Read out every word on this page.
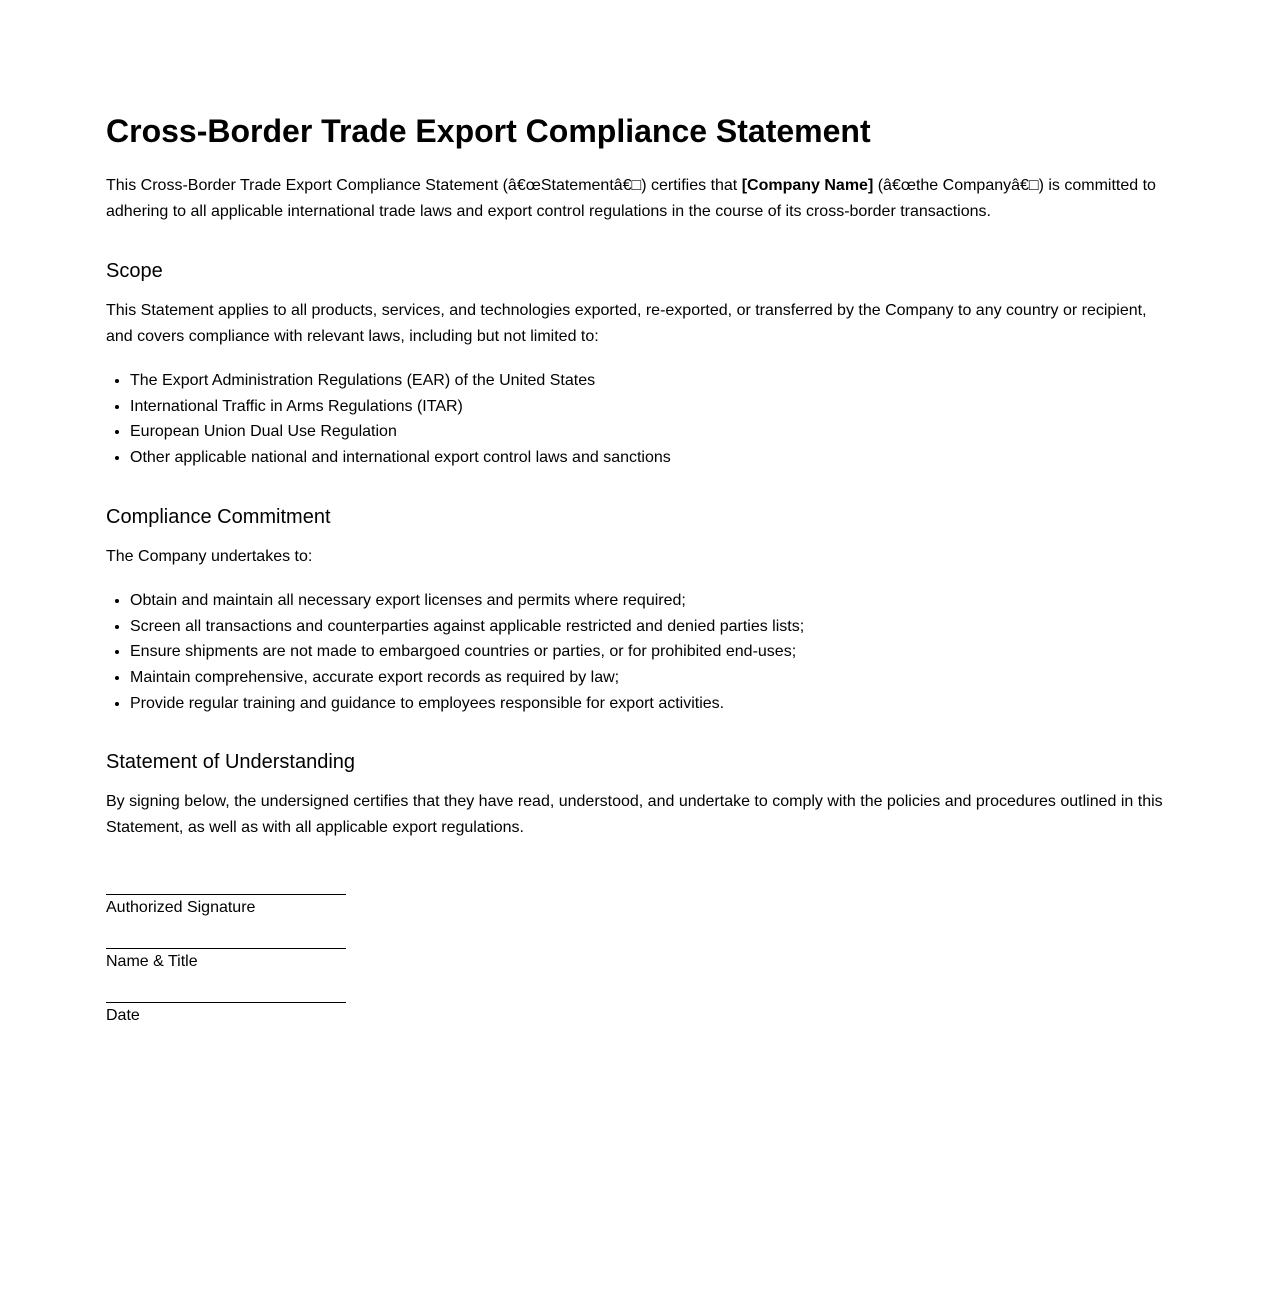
Cross-Border Trade Export Compliance Statement

This Cross-Border Trade Export Compliance Statement (â€œStatementâ€□) certifies that [Company Name] (â€œthe Companyâ€□) is committed to adhering to all applicable international trade laws and export control regulations in the course of its cross-border transactions.

Scope

This Statement applies to all products, services, and technologies exported, re-exported, or transferred by the Company to any country or recipient, and covers compliance with relevant laws, including but not limited to:

• The Export Administration Regulations (EAR) of the United States
• International Traffic in Arms Regulations (ITAR)
• European Union Dual Use Regulation
• Other applicable national and international export control laws and sanctions
Compliance Commitment

The Company undertakes to:

• Obtain and maintain all necessary export licenses and permits where required;
• Screen all transactions and counterparties against applicable restricted and denied parties lists;
• Ensure shipments are not made to embargoed countries or parties, or for prohibited end-uses;
• Maintain comprehensive, accurate export records as required by law;
• Provide regular training and guidance to employees responsible for export activities.
Statement of Understanding

By signing below, the undersigned certifies that they have read, understood, and undertake to comply with the policies and procedures outlined in this Statement, as well as with all applicable export regulations.

Authorized Signature
Name & Title
Date
